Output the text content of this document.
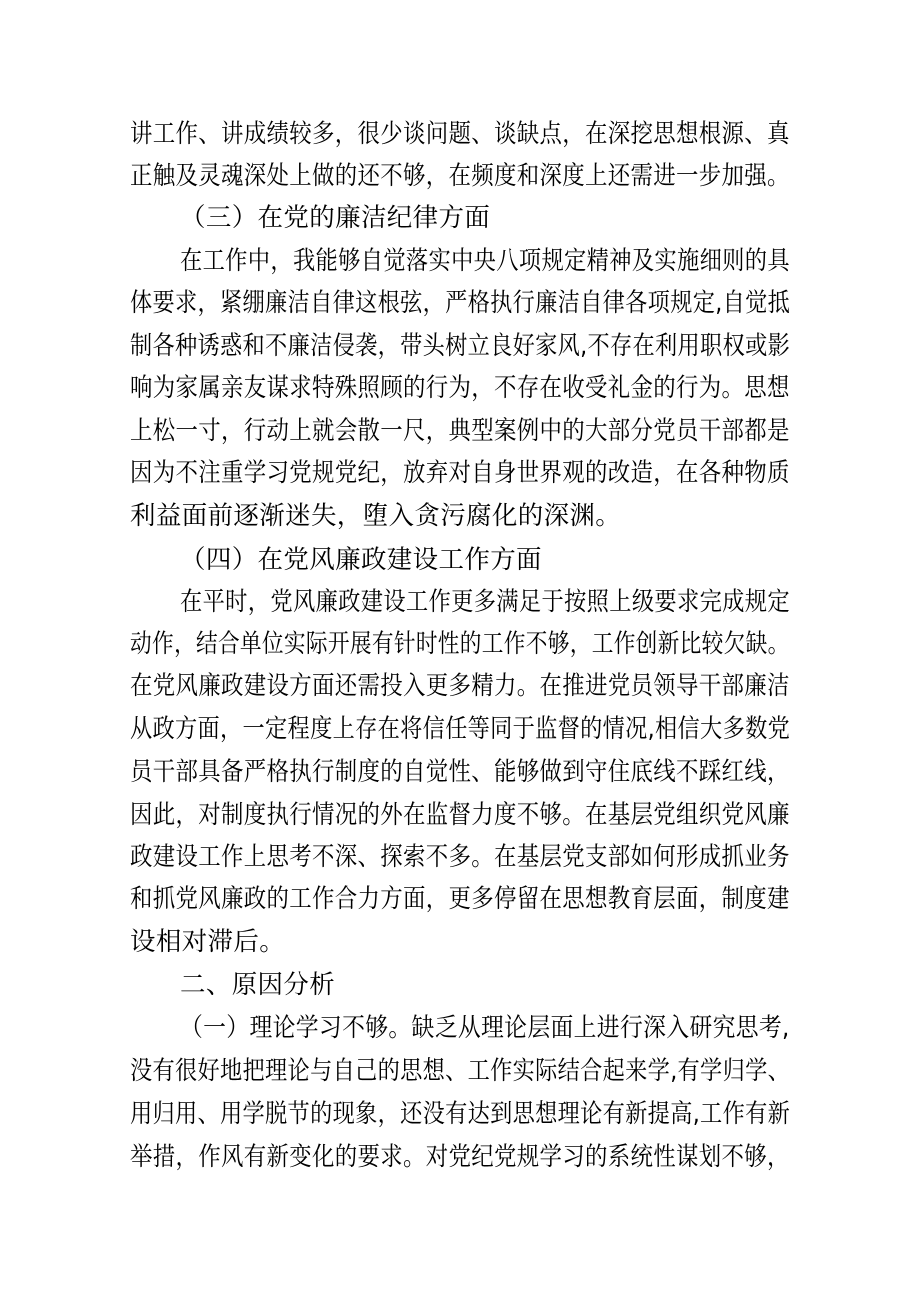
讲工作、讲成绩较多，很少谈问题、谈缺点，在深挖思想根源、真
正触及灵魂深处上做的还不够，在频度和深度上还需进一步加强。
（三）在党的廉洁纪律方面
在工作中，我能够自觉落实中央八项规定精神及实施细则的具
体要求，紧绷廉洁自律这根弦，严格执行廉洁自律各项规定,自觉抵
制各种诱惑和不廉洁侵袭，带头树立良好家风,不存在利用职权或影
响为家属亲友谋求特殊照顾的行为，不存在收受礼金的行为。思想
上松一寸，行动上就会散一尺，典型案例中的大部分党员干部都是
因为不注重学习党规党纪，放弃对自身世界观的改造，在各种物质
利益面前逐渐迷失，堕入贪污腐化的深渊。
（四）在党风廉政建设工作方面
在平时，党风廉政建设工作更多满足于按照上级要求完成规定
动作，结合单位实际开展有针时性的工作不够，工作创新比较欠缺。
在党风廉政建设方面还需投入更多精力。在推进党员领导干部廉洁
从政方面，一定程度上存在将信任等同于监督的情况,相信大多数党
员干部具备严格执行制度的自觉性、能够做到守住底线不踩红线，
因此，对制度执行情况的外在监督力度不够。在基层党组织党风廉
政建设工作上思考不深、探索不多。在基层党支部如何形成抓业务
和抓党风廉政的工作合力方面，更多停留在思想教育层面，制度建
设相对滞后。
二、原因分析
（一）理论学习不够。缺乏从理论层面上进行深入研究思考,
没有很好地把理论与自己的思想、工作实际结合起来学,有学归学、
用归用、用学脱节的现象，还没有达到思想理论有新提高,工作有新
举措，作风有新变化的要求。对党纪党规学习的系统性谋划不够，
